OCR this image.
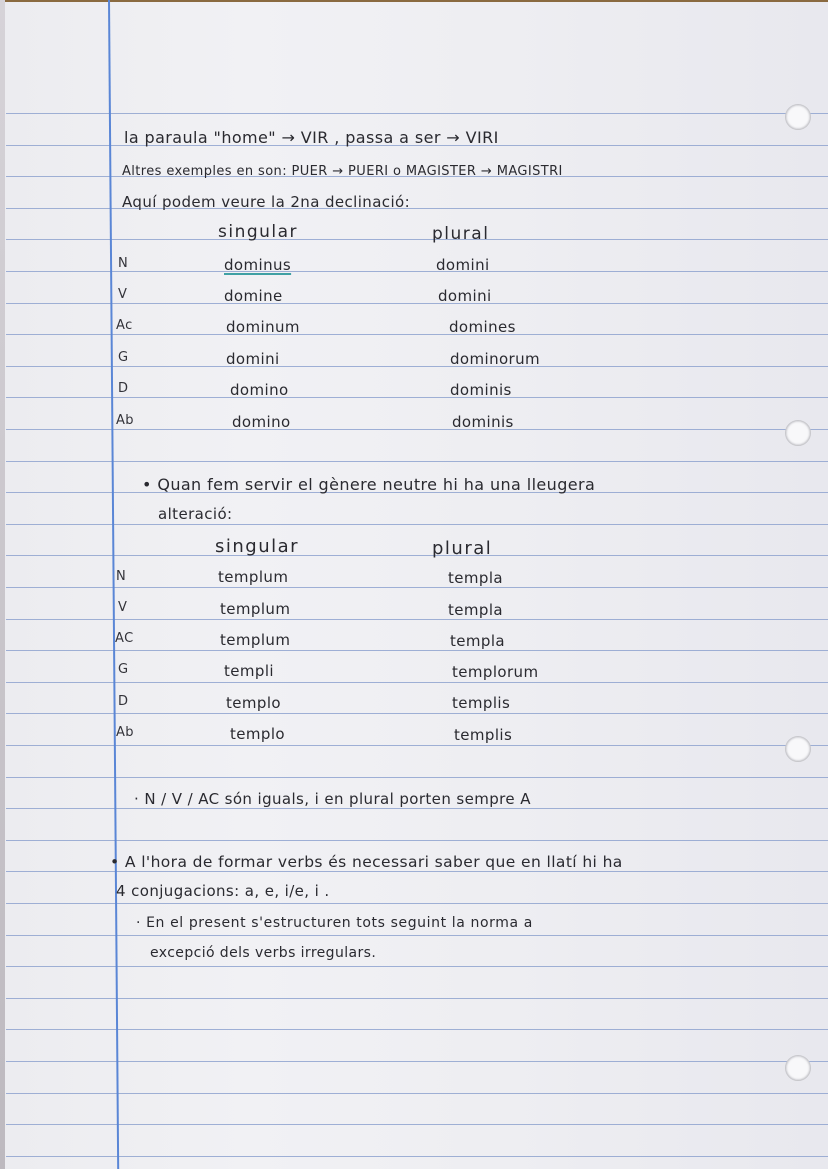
la paraula "home" → VIR , passa a ser → VIRI
Altres exemples en son: PUER → PUERI o MAGISTER → MAGISTRI
Aquí podem veure la 2na declinació:
singular	plural
N	dominus	domini
V	domine	domini
Ac	dominum	domines
G	domini	dominorum
D	domino	dominis
Ab	domino	dominis
• Quan fem servir el gènere neutre hi ha una lleugera
alteració:
singular	plural
N	templum	templa
V	templum	templa
AC	templum	templa
G	templi	templorum
D	templo	templis
Ab	templo	templis
· N / V / AC són iguals, i en plural porten sempre A
• A l'hora de formar verbs és necessari saber que en llatí hi ha
4 conjugacions: a, e, i/e, i .
· En el present s'estructuren tots seguint la norma a
excepció dels verbs irregulars.
